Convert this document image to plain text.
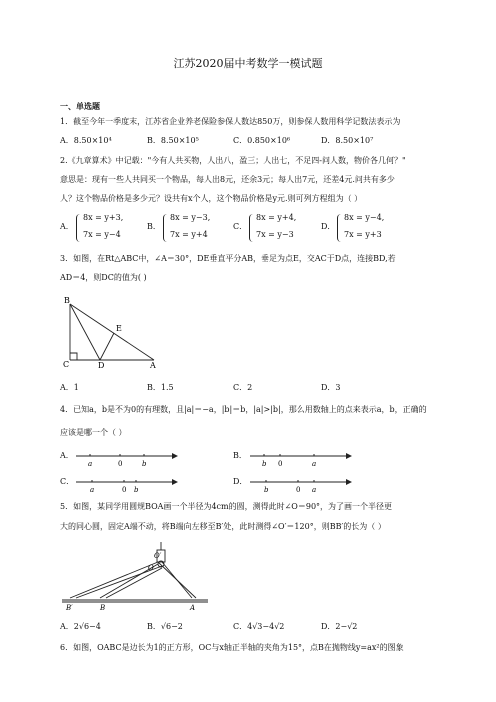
江苏2020届中考数学一模试题
一、单选题
1．截至今年一季度末，江苏省企业养老保险参保人数达850万，则参保人数用科学记数法表示为
A．8.50×10⁴	B．8.50×10⁵	C．0.850×10⁶	D．8.50×10⁷
2.《九章算术》中记载："今有人共买物，人出八，盈三；人出七，不足四-问人数，物价各几何？"
意思是：现有一些人共同买一个物品，每人出8元，还余3元；每人出7元，还差4元.问共有多少
人？这个物品价格是多少元？设共有x个人，这个物品价格是y元.则可列方程组为（ ）
A．
8x = y+3,
7x = y−4
B．
8x = y−3,
7x = y+4
C．
8x = y+4,
7x = y−3
D．
8x = y−4,
7x = y+3
3．如图，在Rt△ABC中，∠A＝30°，DE垂直平分AB，垂足为点E，交AC于D点，连接BD,若
AD＝4，则DC的值为( )
B
C	D
E
A
A．1	B．1.5	C．2	D．3
4．已知a，b是不为0的有理数，且|a|＝−a，|b|＝b，|a|>|b|，那么用数轴上的点来表示a，b，正确的
应该是哪一个（ ）
A．
a	0	b
B．
b 0	a
C．
a	0 b
D．
b	0 a
5．如图，某同学用圆规BOA画一个半径为4cm的圆，测得此时∠O＝90°，为了画一个半径更
大的同心圆，固定A端不动，将B端向左移至B′处，此时测得∠O′＝120°，则BB′的长为（ ）
O
O′
B′	B	A
A．2√6−4	B．√6−2	C．4√3−4√2	D．2−√2
6．如图，OABC是边长为1的正方形，OC与x轴正半轴的夹角为15°，点B在抛物线y=ax²的图象
